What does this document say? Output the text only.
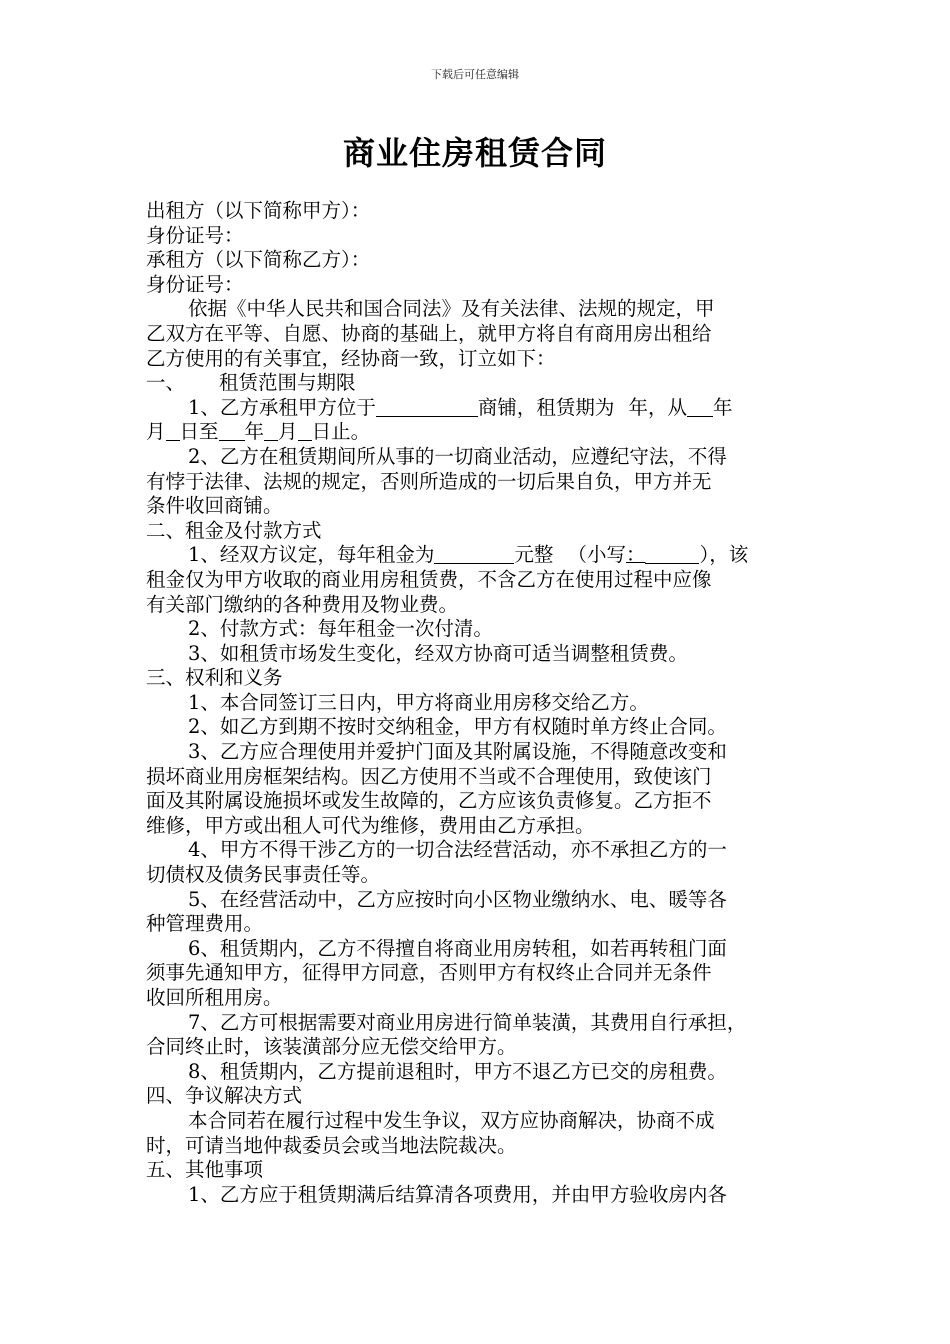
下载后可任意编辑
商业住房租赁合同
出租方（以下简称甲方）：
身份证号：
承租方（以下简称乙方）：
身份证号：
依据《中华人民共和国合同法》及有关法律、法规的规定，甲
乙双方在平等、自愿、协商的基础上，就甲方将自有商用房出租给
乙方使用的有关事宜，经协商一致，订立如下：
一、 租赁范围与期限
1、乙方承租甲方位于	商铺，租赁期为 年，从 年
月 日至 年 月 日止。
2、乙方在租赁期间所从事的一切商业活动，应遵纪守法，不得
有悖于法律、法规的规定，否则所造成的一切后果自负，甲方并无
条件收回商铺。
二、租金及付款方式
1、经双方议定，每年租金为	元整 （小写：	），该
租金仅为甲方收取的商业用房租赁费，不含乙方在使用过程中应像
有关部门缴纳的各种费用及物业费。
2、付款方式：每年租金一次付清。
3、如租赁市场发生变化，经双方协商可适当调整租赁费。
三、权利和义务
1、本合同签订三日内，甲方将商业用房移交给乙方。
2、如乙方到期不按时交纳租金，甲方有权随时单方终止合同。
3、乙方应合理使用并爱护门面及其附属设施，不得随意改变和
损坏商业用房框架结构。因乙方使用不当或不合理使用，致使该门
面及其附属设施损坏或发生故障的，乙方应该负责修复。乙方拒不
维修，甲方或出租人可代为维修，费用由乙方承担。
4、甲方不得干涉乙方的一切合法经营活动，亦不承担乙方的一
切债权及债务民事责任等。
5、在经营活动中，乙方应按时向小区物业缴纳水、电、暖等各
种管理费用。
6、租赁期内，乙方不得擅自将商业用房转租，如若再转租门面
须事先通知甲方，征得甲方同意，否则甲方有权终止合同并无条件
收回所租用房。
7、乙方可根据需要对商业用房进行简单装潢，其费用自行承担，
合同终止时，该装潢部分应无偿交给甲方。
8、租赁期内，乙方提前退租时，甲方不退乙方已交的房租费。
四、争议解决方式
本合同若在履行过程中发生争议，双方应协商解决，协商不成
时，可请当地仲裁委员会或当地法院裁决。
五、其他事项
1、乙方应于租赁期满后结算清各项费用，并由甲方验收房内各
